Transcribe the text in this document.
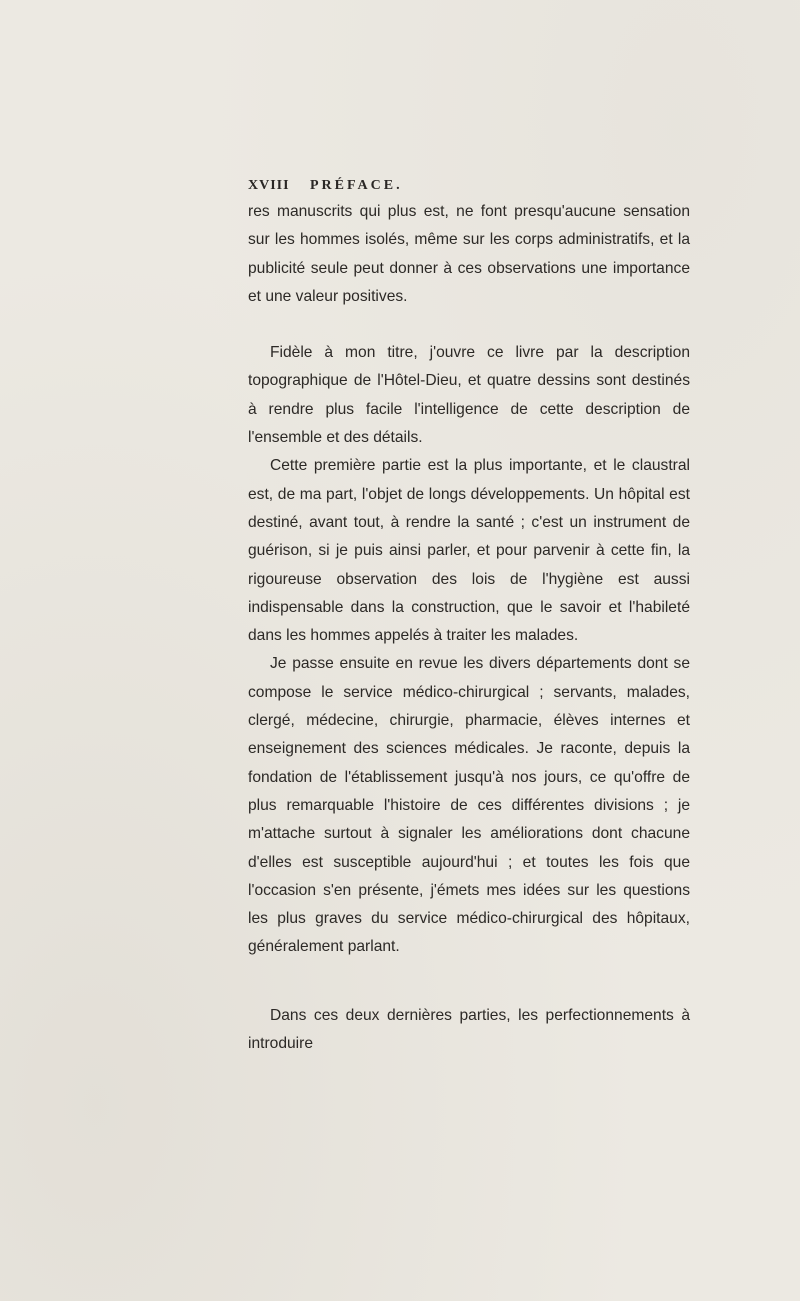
XVIII PRÉFACE.

res manuscrits qui plus est, ne font presqu'aucune sensation sur les hommes isolés, même sur les corps administratifs, et la publicité seule peut donner à ces observations une importance et une valeur positives.

Fidèle à mon titre, j'ouvre ce livre par la description topographique de l'Hôtel-Dieu, et quatre dessins sont destinés à rendre plus facile l'intelligence de cette description de l'ensemble et des détails.

Cette première partie est la plus importante, et le claustral est, de ma part, l'objet de longs développements. Un hôpital est destiné, avant tout, à rendre la santé ; c'est un instrument de guérison, si je puis ainsi parler, et pour parvenir à cette fin, la rigoureuse observation des lois de l'hygiène est aussi indispensable dans la construction, que le savoir et l'habileté dans les hommes appelés à traiter les malades.

Je passe ensuite en revue les divers départements dont se compose le service médico-chirurgical ; servants, malades, clergé, médecine, chirurgie, pharmacie, élèves internes et enseignement des sciences médicales. Je raconte, depuis la fondation de l'établissement jusqu'à nos jours, ce qu'offre de plus remarquable l'histoire de ces différentes divisions ; je m'attache surtout à signaler les améliorations dont chacune d'elles est susceptible aujourd'hui ; et toutes les fois que l'occasion s'en présente, j'émets mes idées sur les questions les plus graves du service médico-chirurgical des hôpitaux, généralement parlant.

Dans ces deux dernières parties, les perfectionnements à introduire
